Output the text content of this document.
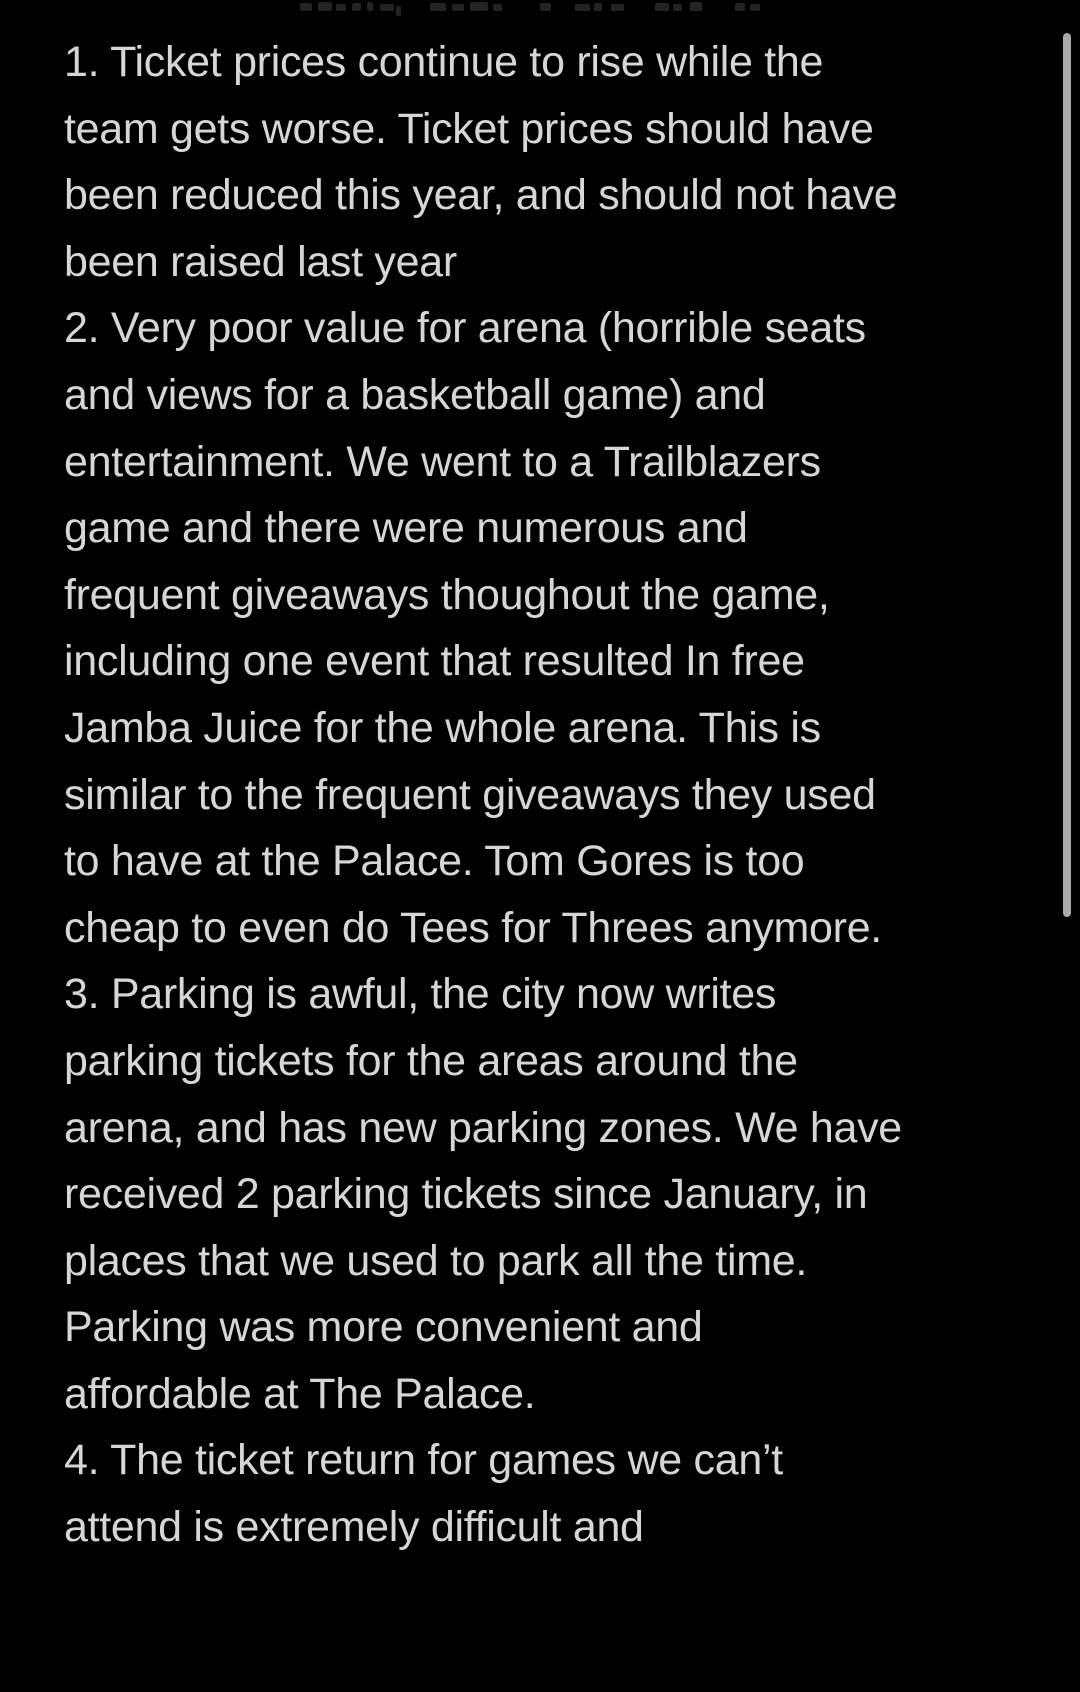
1. Ticket prices continue to rise while the
team gets worse. Ticket prices should have
been reduced this year, and should not have
been raised last year
2. Very poor value for arena (horrible seats
and views for a basketball game) and
entertainment. We went to a Trailblazers
game and there were numerous and
frequent giveaways thoughout the game,
including one event that resulted In free
Jamba Juice for the whole arena. This is
similar to the frequent giveaways they used
to have at the Palace. Tom Gores is too
cheap to even do Tees for Threes anymore.
3. Parking is awful, the city now writes
parking tickets for the areas around the
arena, and has new parking zones. We have
received 2 parking tickets since January, in
places that we used to park all the time.
Parking was more convenient and
affordable at The Palace.
4. The ticket return for games we can’t
attend is extremely difficult and
